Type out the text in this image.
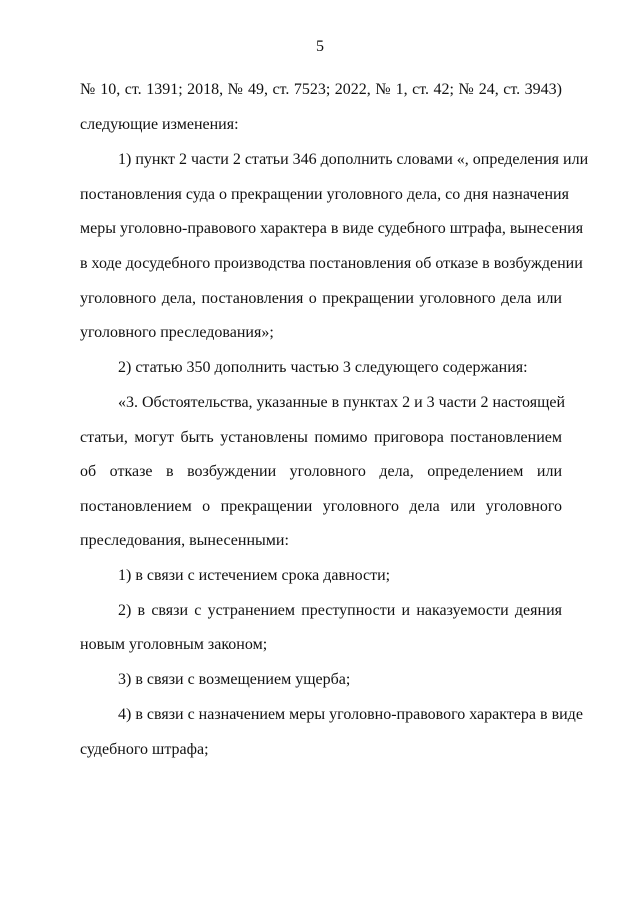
5
№ 10, ст. 1391; 2018, № 49, ст. 7523; 2022, № 1, ст. 42; № 24, ст. 3943)
следующие изменения:
1) пункт 2 части 2 статьи 346 дополнить словами «, определения или
постановления суда о прекращении уголовного дела, со дня назначения
меры уголовно-правового характера в виде судебного штрафа, вынесения
в ходе досудебного производства постановления об отказе в возбуждении
уголовного дела, постановления о прекращении уголовного дела или
уголовного преследования»;
2) статью 350 дополнить частью 3 следующего содержания:
«3. Обстоятельства, указанные в пунктах 2 и 3 части 2 настоящей
статьи, могут быть установлены помимо приговора постановлением
об отказе в возбуждении уголовного дела, определением или
постановлением о прекращении уголовного дела или уголовного
преследования, вынесенными:
1) в связи с истечением срока давности;
2) в связи с устранением преступности и наказуемости деяния
новым уголовным законом;
3) в связи с возмещением ущерба;
4) в связи с назначением меры уголовно-правового характера в виде
судебного штрафа;
